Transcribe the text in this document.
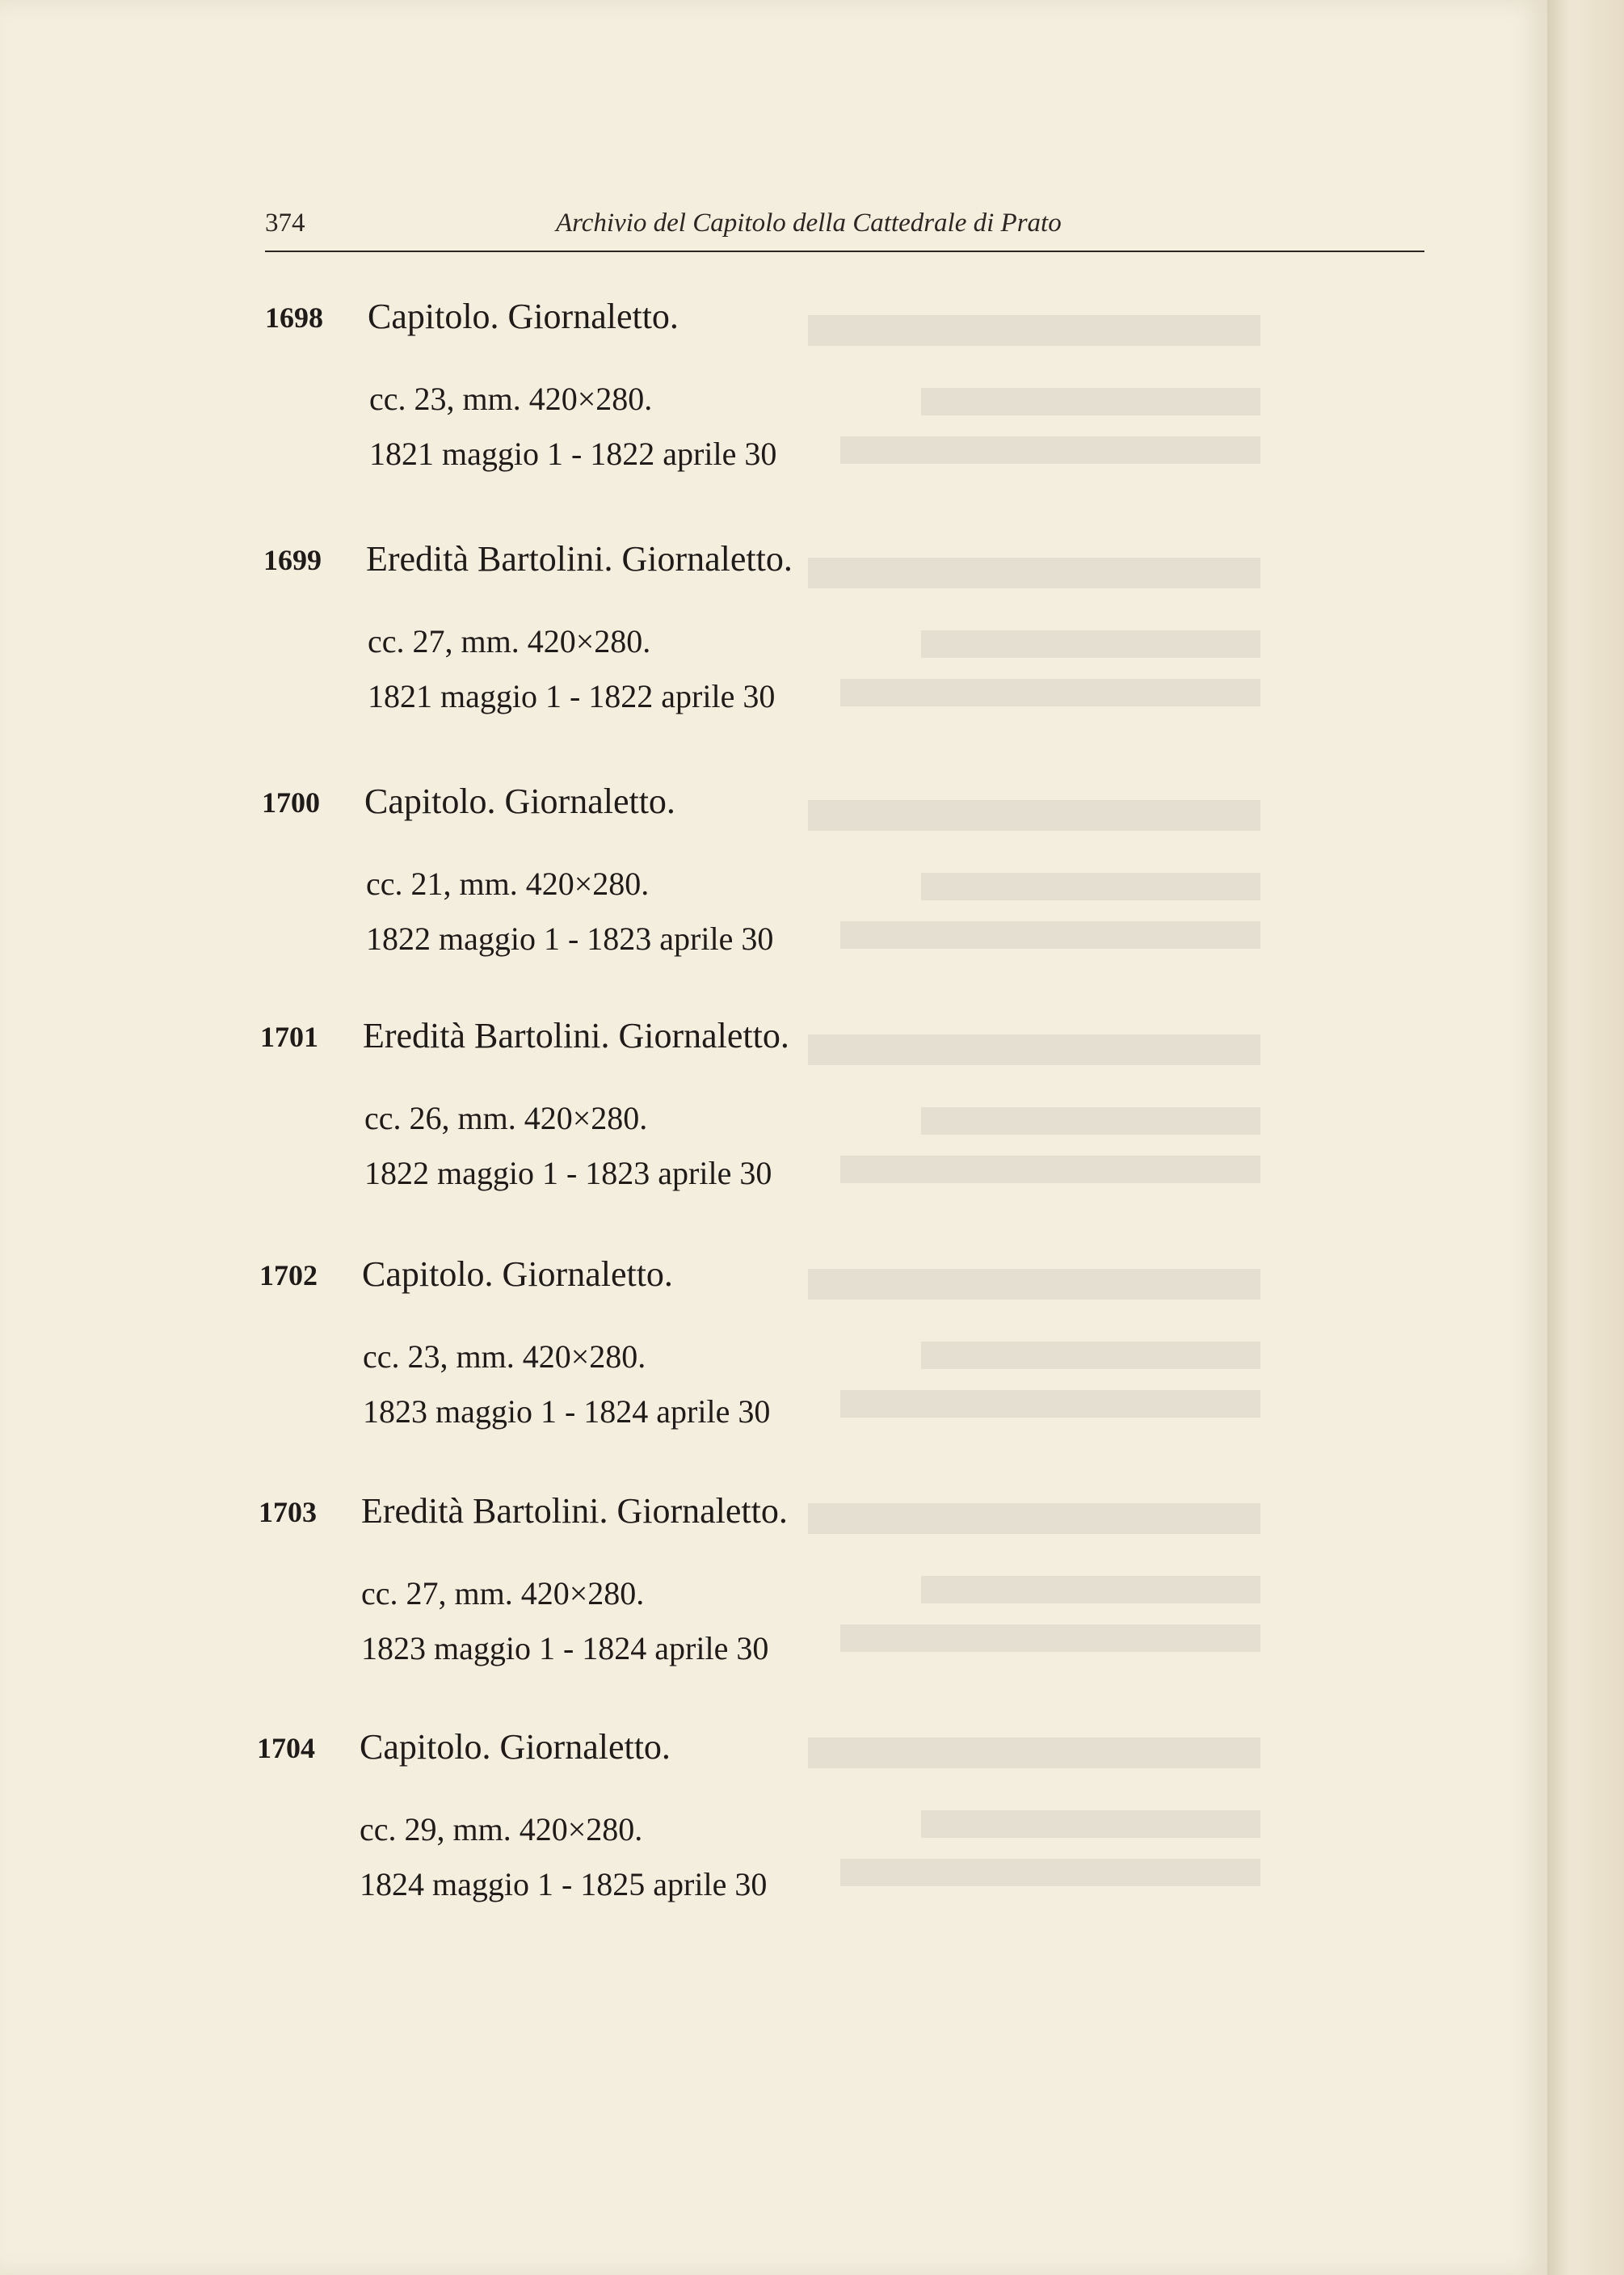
374	Archivio del Capitolo della Cattedrale di Prato
1698 Capitolo. Giornaletto.
cc. 23, mm. 420×280.
1821 maggio 1 - 1822 aprile 30
1699 Eredità Bartolini. Giornaletto.
cc. 27, mm. 420×280.
1821 maggio 1 - 1822 aprile 30
1700 Capitolo. Giornaletto.
cc. 21, mm. 420×280.
1822 maggio 1 - 1823 aprile 30
1701 Eredità Bartolini. Giornaletto.
cc. 26, mm. 420×280.
1822 maggio 1 - 1823 aprile 30
1702 Capitolo. Giornaletto.
cc. 23, mm. 420×280.
1823 maggio 1 - 1824 aprile 30
1703 Eredità Bartolini. Giornaletto.
cc. 27, mm. 420×280.
1823 maggio 1 - 1824 aprile 30
1704 Capitolo. Giornaletto.
cc. 29, mm. 420×280.
1824 maggio 1 - 1825 aprile 30
